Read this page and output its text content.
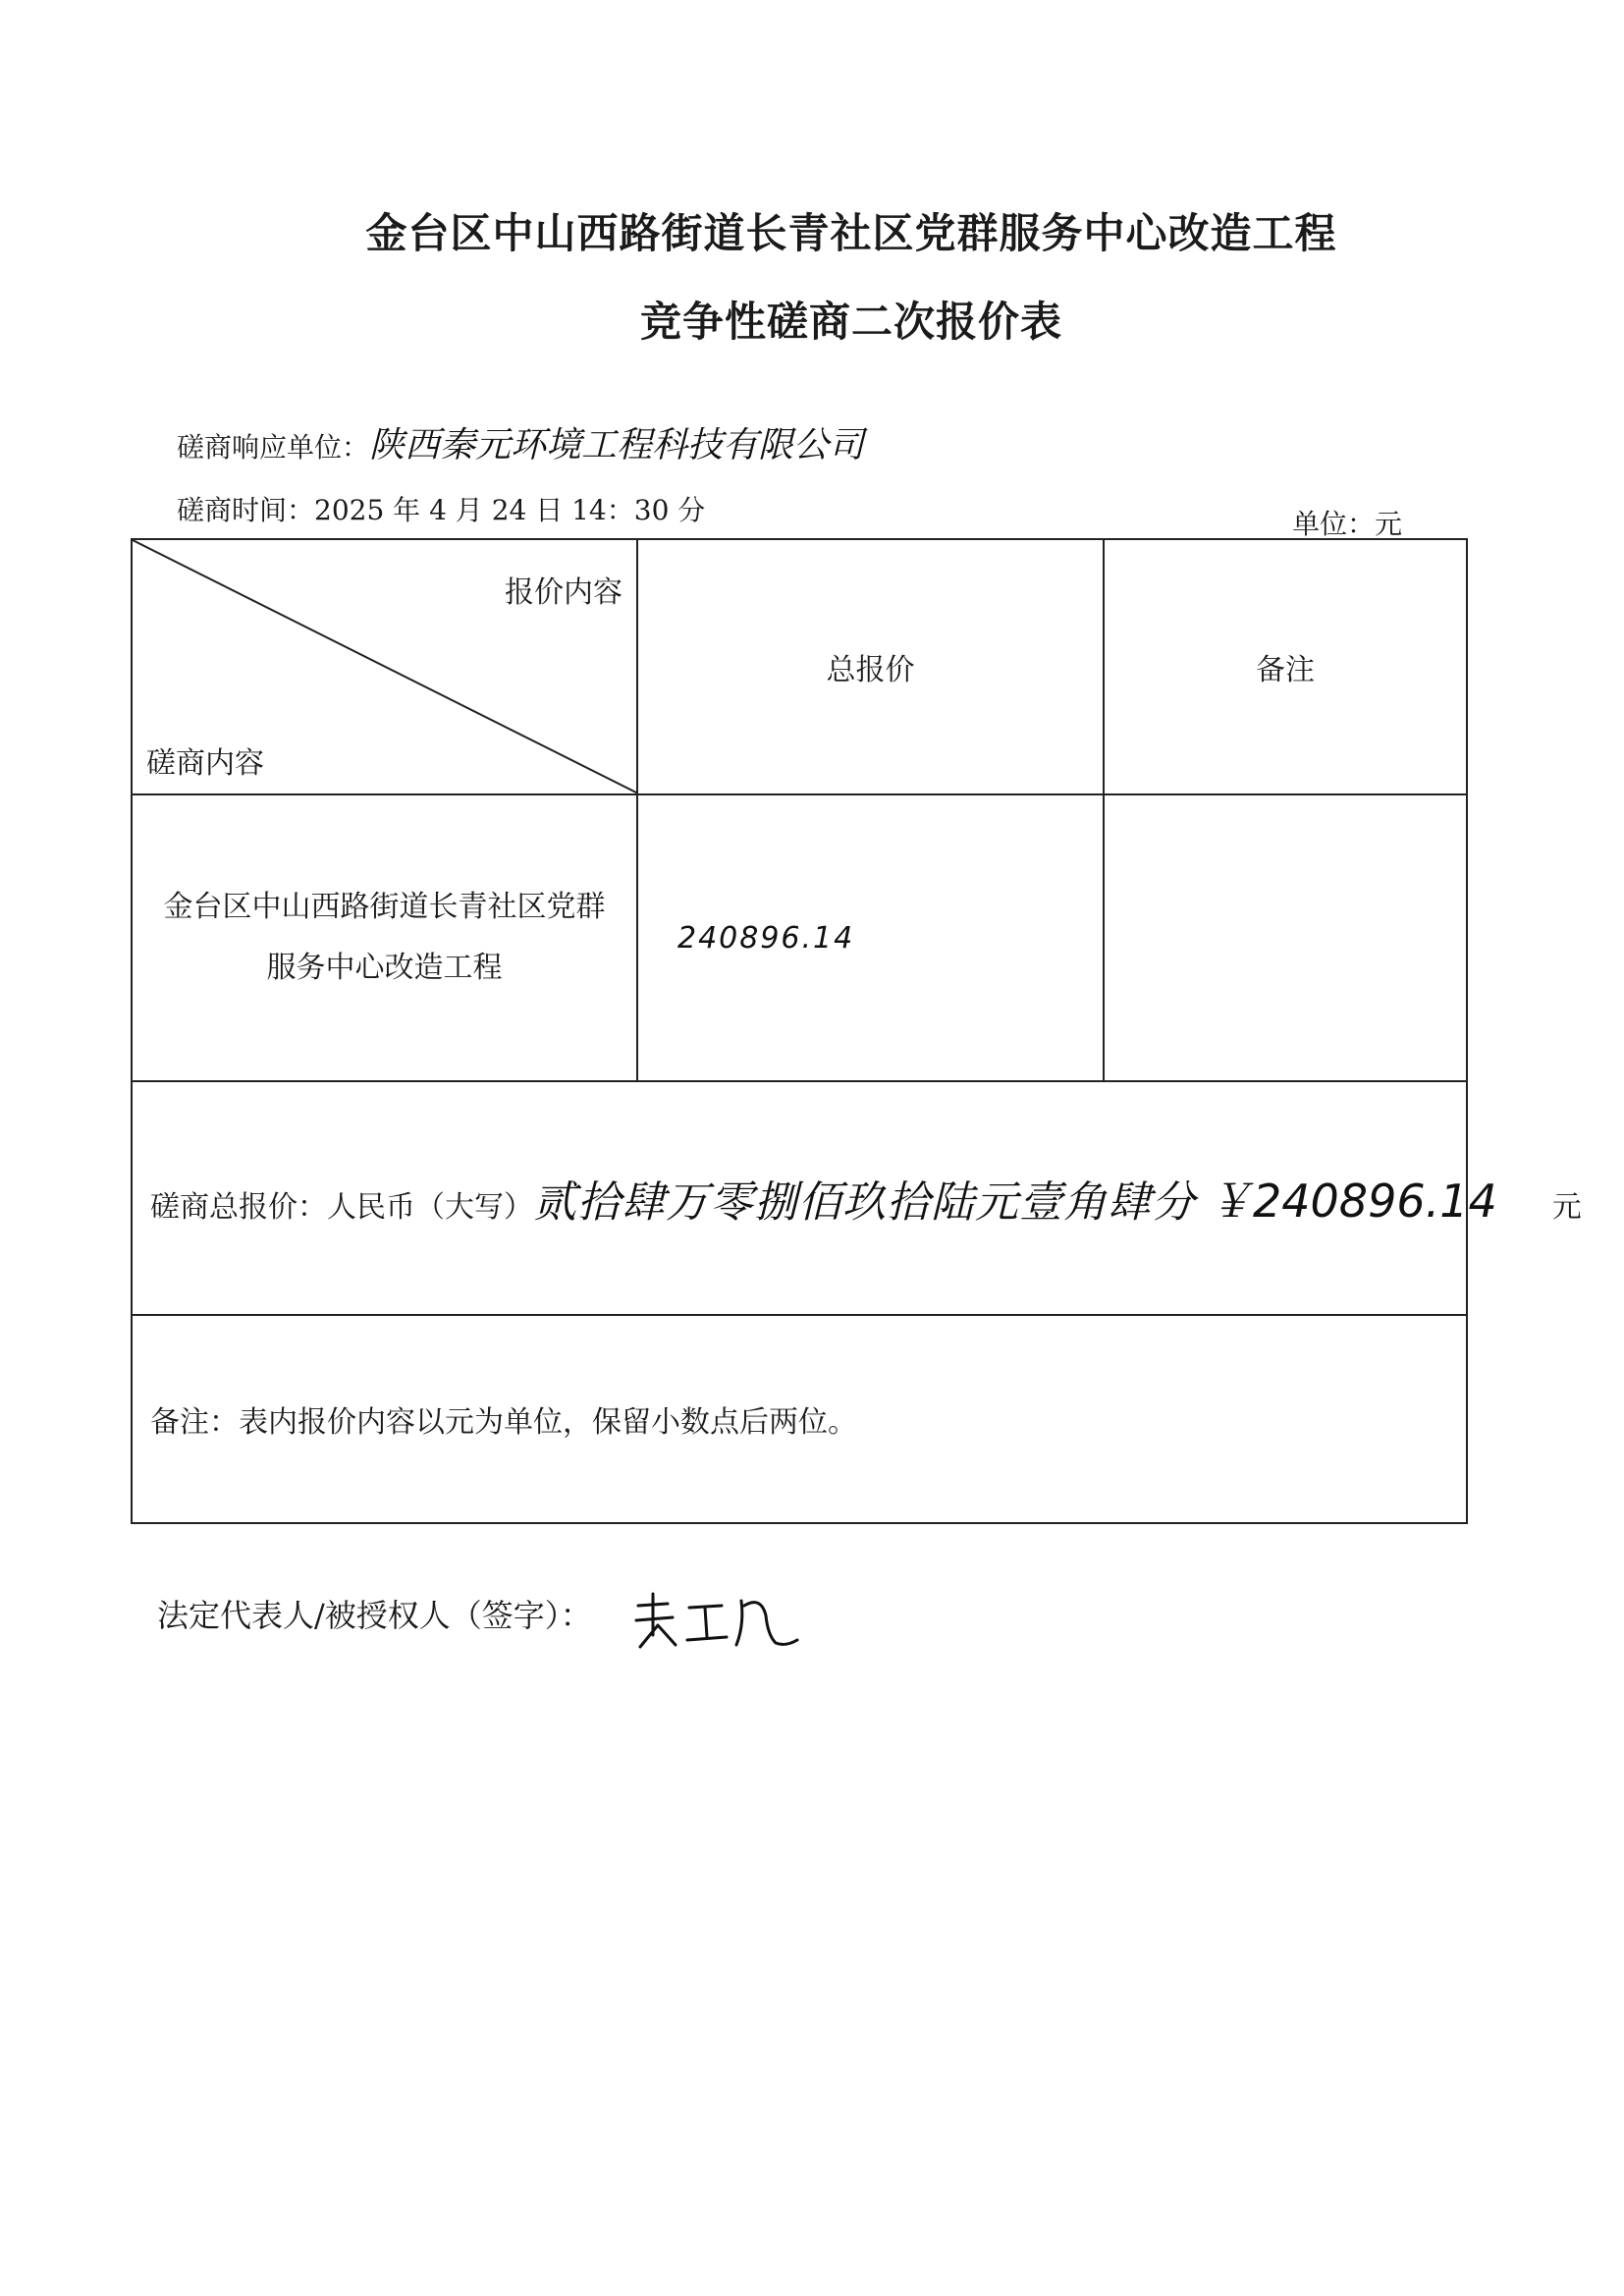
金台区中山西路街道长青社区党群服务中心改造工程
竞争性磋商二次报价表
磋商响应单位：陕西秦元环境工程科技有限公司
磋商时间：2025 年 4 月 24 日 14：30 分	单位：元
报价内容
磋商内容	总报价	备注
金台区中山西路街道长青社区党群服务中心改造工程	240896.14	

磋商总报价：人民币（大写）贰拾肆万零捌佰玖拾陆元壹角肆分 ￥240896.14 元		

备注：表内报价内容以元为单位，保留小数点后两位。		
法定代表人/被授权人（签字）：
